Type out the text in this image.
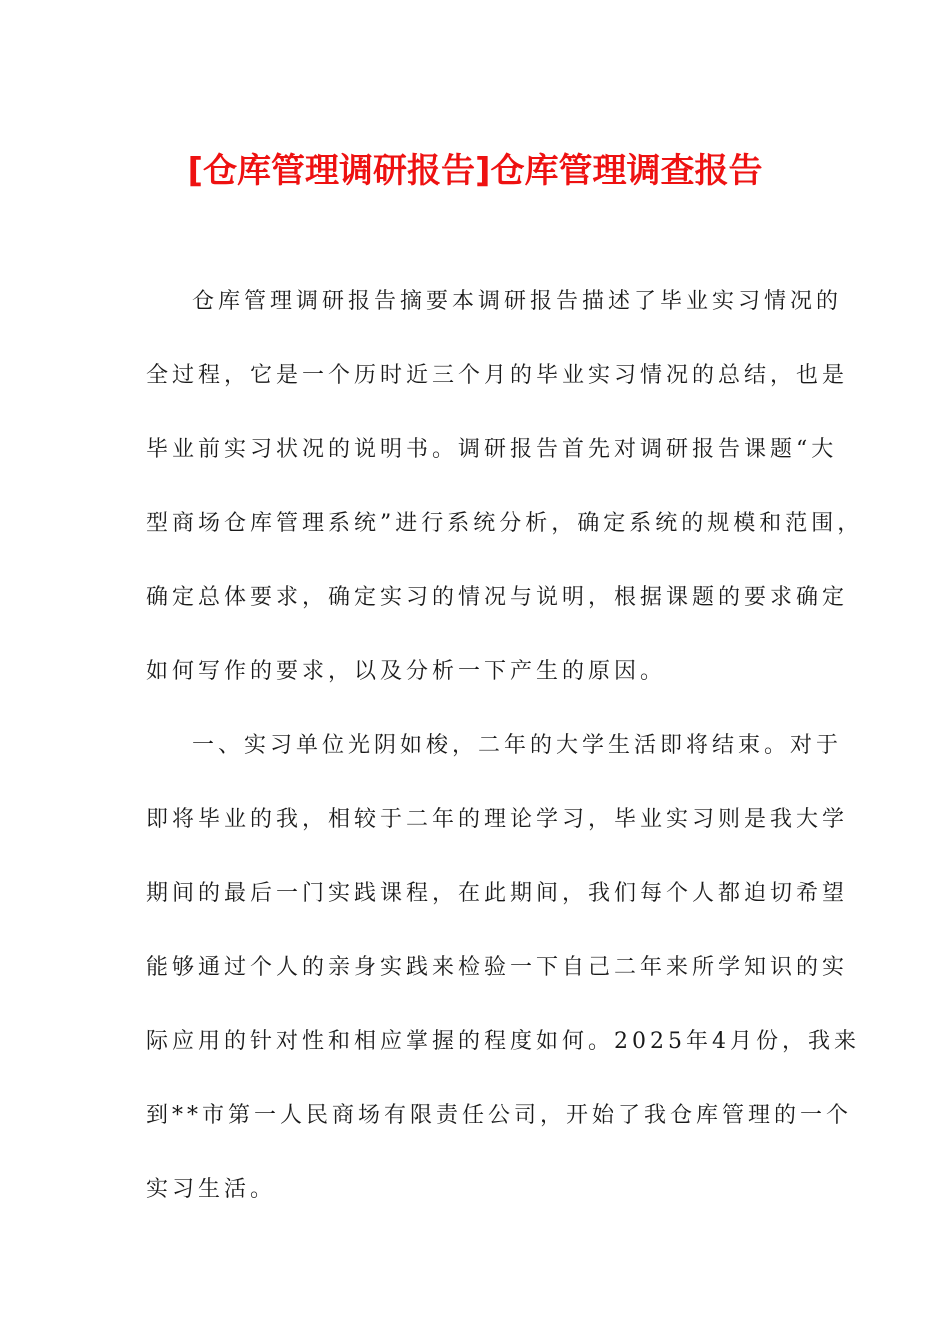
[仓库管理调研报告]仓库管理调查报告
仓库管理调研报告摘要本调研报告描述了毕业实习情况的
全过程，它是一个历时近三个月的毕业实习情况的总结，也是
毕业前实习状况的说明书。调研报告首先对调研报告课题“大
型商场仓库管理系统”进行系统分析，确定系统的规模和范围，
确定总体要求，确定实习的情况与说明，根据课题的要求确定
如何写作的要求，以及分析一下产生的原因。
一、实习单位光阴如梭，二年的大学生活即将结束。对于
即将毕业的我，相较于二年的理论学习，毕业实习则是我大学
期间的最后一门实践课程，在此期间，我们每个人都迫切希望
能够通过个人的亲身实践来检验一下自己二年来所学知识的实
际应用的针对性和相应掌握的程度如何。2025年4月份，我来
到**市第一人民商场有限责任公司，开始了我仓库管理的一个
实习生活。
